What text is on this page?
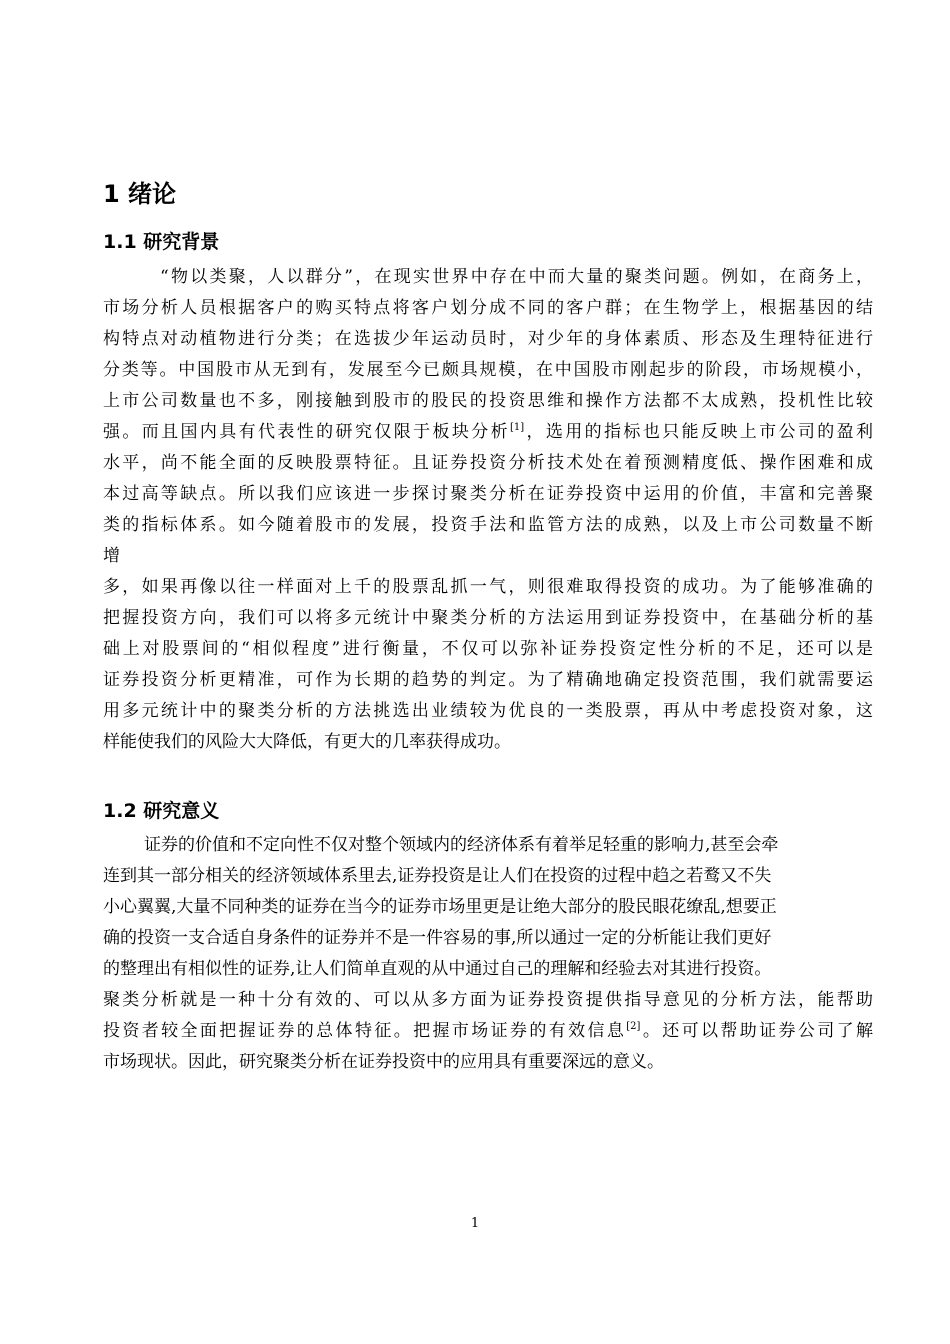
1 绪论
1.1 研究背景
“物以类聚，人以群分”，在现实世界中存在中而大量的聚类问题。例如，在商务上，
市场分析人员根据客户的购买特点将客户划分成不同的客户群；在生物学上，根据基因的结
构特点对动植物进行分类；在选拔少年运动员时，对少年的身体素质、形态及生理特征进行
分类等。中国股市从无到有，发展至今已颇具规模，在中国股市刚起步的阶段，市场规模小，
上市公司数量也不多，刚接触到股市的股民的投资思维和操作方法都不太成熟，投机性比较
强。而且国内具有代表性的研究仅限于板块分析[1]，选用的指标也只能反映上市公司的盈利
水平，尚不能全面的反映股票特征。且证券投资分析技术处在着预测精度低、操作困难和成
本过高等缺点。所以我们应该进一步探讨聚类分析在证券投资中运用的价值，丰富和完善聚
类的指标体系。如今随着股市的发展，投资手法和监管方法的成熟，以及上市公司数量不断
增
多，如果再像以往一样面对上千的股票乱抓一气，则很难取得投资的成功。为了能够准确的
把握投资方向，我们可以将多元统计中聚类分析的方法运用到证券投资中，在基础分析的基
础上对股票间的“相似程度”进行衡量，不仅可以弥补证券投资定性分析的不足，还可以是
证券投资分析更精准，可作为长期的趋势的判定。为了精确地确定投资范围，我们就需要运
用多元统计中的聚类分析的方法挑选出业绩较为优良的一类股票，再从中考虑投资对象，这
样能使我们的风险大大降低，有更大的几率获得成功。
1.2 研究意义
证券的价值和不定向性不仅对整个领域内的经济体系有着举足轻重的影响力,甚至会牵
连到其一部分相关的经济领域体系里去,证券投资是让人们在投资的过程中趋之若鹜又不失
小心翼翼,大量不同种类的证券在当今的证券市场里更是让绝大部分的股民眼花缭乱,想要正
确的投资一支合适自身条件的证券并不是一件容易的事,所以通过一定的分析能让我们更好
的整理出有相似性的证券,让人们简单直观的从中通过自己的理解和经验去对其进行投资。
聚类分析就是一种十分有效的、可以从多方面为证券投资提供指导意见的分析方法，能帮助
投资者较全面把握证券的总体特征。把握市场证券的有效信息[2]。还可以帮助证券公司了解
市场现状。因此，研究聚类分析在证券投资中的应用具有重要深远的意义。
1
